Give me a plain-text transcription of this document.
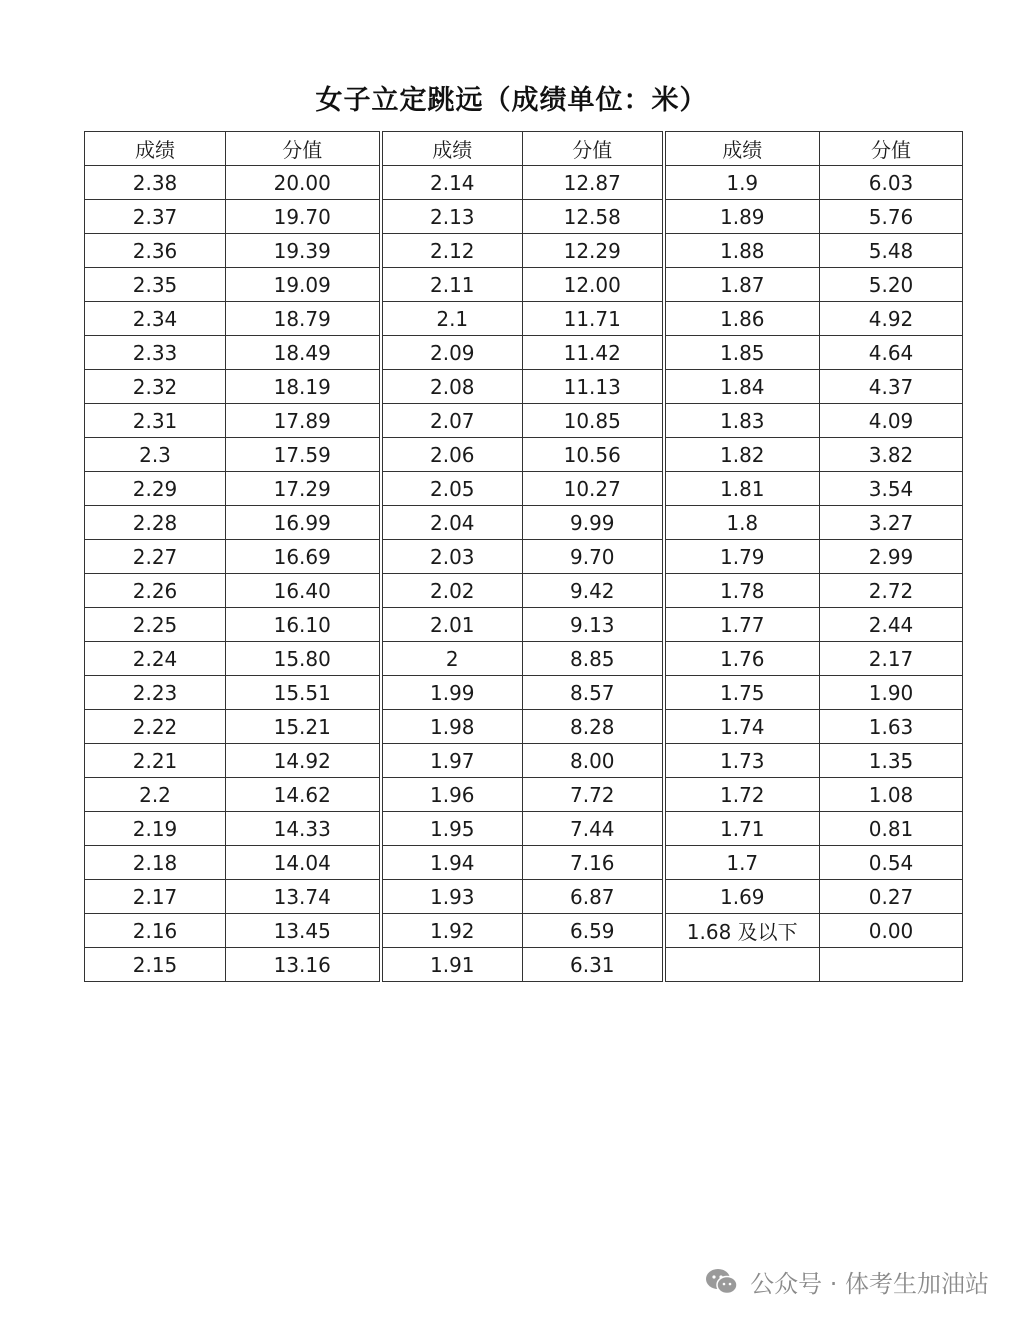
女子立定跳远（成绩单位：米）
成绩	分值	成绩	分值	成绩	分值
2.38	20.00	2.14	12.87	1.9	6.03
2.37	19.70	2.13	12.58	1.89	5.76
2.36	19.39	2.12	12.29	1.88	5.48
2.35	19.09	2.11	12.00	1.87	5.20
2.34	18.79	2.1	11.71	1.86	4.92
2.33	18.49	2.09	11.42	1.85	4.64
2.32	18.19	2.08	11.13	1.84	4.37
2.31	17.89	2.07	10.85	1.83	4.09
2.3	17.59	2.06	10.56	1.82	3.82
2.29	17.29	2.05	10.27	1.81	3.54
2.28	16.99	2.04	9.99	1.8	3.27
2.27	16.69	2.03	9.70	1.79	2.99
2.26	16.40	2.02	9.42	1.78	2.72
2.25	16.10	2.01	9.13	1.77	2.44
2.24	15.80	2	8.85	1.76	2.17
2.23	15.51	1.99	8.57	1.75	1.90
2.22	15.21	1.98	8.28	1.74	1.63
2.21	14.92	1.97	8.00	1.73	1.35
2.2	14.62	1.96	7.72	1.72	1.08
2.19	14.33	1.95	7.44	1.71	0.81
2.18	14.04	1.94	7.16	1.7	0.54
2.17	13.74	1.93	6.87	1.69	0.27
2.16	13.45	1.92	6.59	1.68 及以下	0.00
2.15	13.16	1.91	6.31		
公众号 · 体考生加油站
